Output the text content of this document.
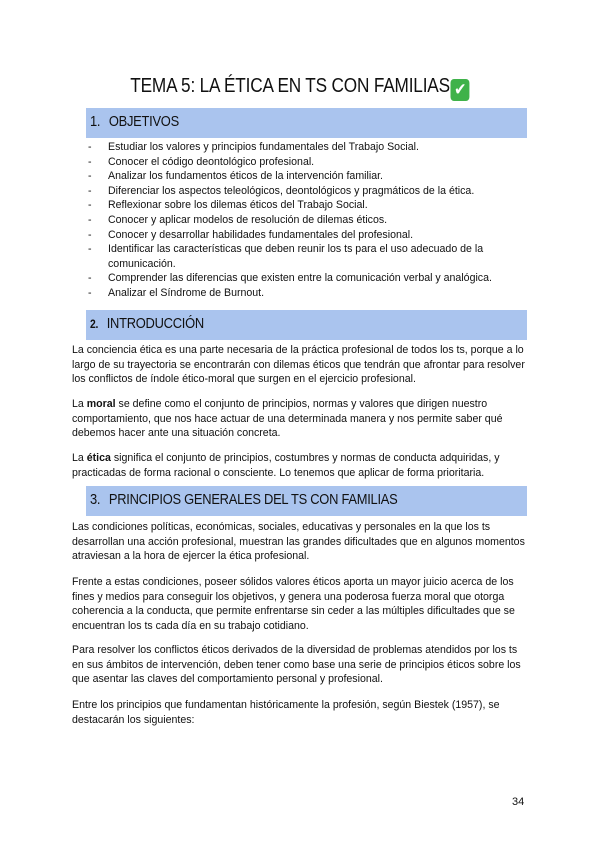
TEMA 5: LA ÉTICA EN TS CON FAMILIAS ✔
1. OBJETIVOS
- Estudiar los valores y principios fundamentales del Trabajo Social.
- Conocer el código deontológico profesional.
- Analizar los fundamentos éticos de la intervención familiar.
- Diferenciar los aspectos teleológicos, deontológicos y pragmáticos de la ética.
- Reflexionar sobre los dilemas éticos del Trabajo Social.
- Conocer y aplicar modelos de resolución de dilemas éticos.
- Conocer y desarrollar habilidades fundamentales del profesional.
- Identificar las características que deben reunir los ts para el uso adecuado de la comunicación.
- Comprender las diferencias que existen entre la comunicación verbal y analógica.
- Analizar el Síndrome de Burnout.
2. INTRODUCCIÓN

La conciencia ética es una parte necesaria de la práctica profesional de todos los ts, porque a lo largo de su trayectoria se encontrarán con dilemas éticos que tendrán que afrontar para resolver los conflictos de índole ético-moral que surgen en el ejercicio profesional.

La moral se define como el conjunto de principios, normas y valores que dirigen nuestro comportamiento, que nos hace actuar de una determinada manera y nos permite saber qué debemos hacer ante una situación concreta.

La ética significa el conjunto de principios, costumbres y normas de conducta adquiridas, y practicadas de forma racional o consciente. Lo tenemos que aplicar de forma prioritaria.

3. PRINCIPIOS GENERALES DEL TS CON FAMILIAS

Las condiciones políticas, económicas, sociales, educativas y personales en la que los ts desarrollan una acción profesional, muestran las grandes dificultades que en algunos momentos atraviesan a la hora de ejercer la ética profesional.

Frente a estas condiciones, poseer sólidos valores éticos aporta un mayor juicio acerca de los fines y medios para conseguir los objetivos, y genera una poderosa fuerza moral que otorga coherencia a la conducta, que permite enfrentarse sin ceder a las múltiples dificultades que se encuentran los ts cada día en su trabajo cotidiano.

Para resolver los conflictos éticos derivados de la diversidad de problemas atendidos por los ts en sus ámbitos de intervención, deben tener como base una serie de principios éticos sobre los que asentar las claves del comportamiento personal y profesional.

Entre los principios que fundamentan históricamente la profesión, según Biestek (1957), se destacarán los siguientes:

34
